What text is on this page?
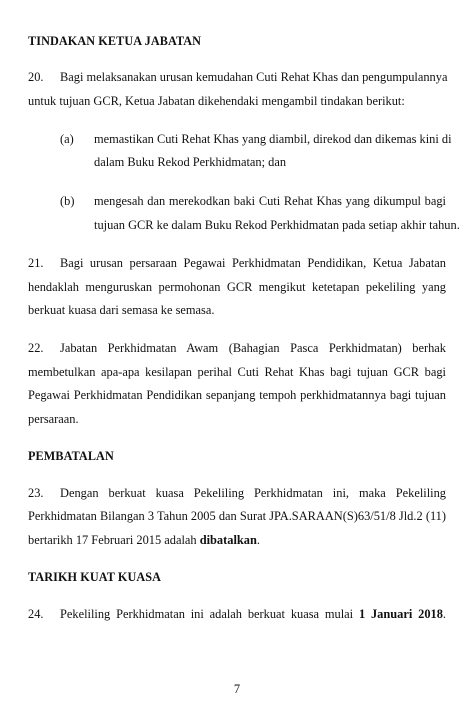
TINDAKAN KETUA JABATAN
20. Bagi melaksanakan urusan kemudahan Cuti Rehat Khas dan pengumpulannya
untuk tujuan GCR, Ketua Jabatan dikehendaki mengambil tindakan berikut:
(a) memastikan Cuti Rehat Khas yang diambil, direkod dan dikemas kini di
dalam Buku Rekod Perkhidmatan; dan
(b) mengesah dan merekodkan baki Cuti Rehat Khas yang dikumpul bagi
tujuan GCR ke dalam Buku Rekod Perkhidmatan pada setiap akhir tahun.
21. Bagi urusan persaraan Pegawai Perkhidmatan Pendidikan, Ketua Jabatan
hendaklah menguruskan permohonan GCR mengikut ketetapan pekeliling yang
berkuat kuasa dari semasa ke semasa.
22. Jabatan Perkhidmatan Awam (Bahagian Pasca Perkhidmatan) berhak
membetulkan apa-apa kesilapan perihal Cuti Rehat Khas bagi tujuan GCR bagi
Pegawai Perkhidmatan Pendidikan sepanjang tempoh perkhidmatannya bagi tujuan
persaraan.
PEMBATALAN
23. Dengan berkuat kuasa Pekeliling Perkhidmatan ini, maka Pekeliling
Perkhidmatan Bilangan 3 Tahun 2005 dan Surat JPA.SARAAN(S)63/51/8 Jld.2 (11)
bertarikh 17 Februari 2015 adalah dibatalkan.
TARIKH KUAT KUASA
24. Pekeliling Perkhidmatan ini adalah berkuat kuasa mulai 1 Januari 2018.
7
